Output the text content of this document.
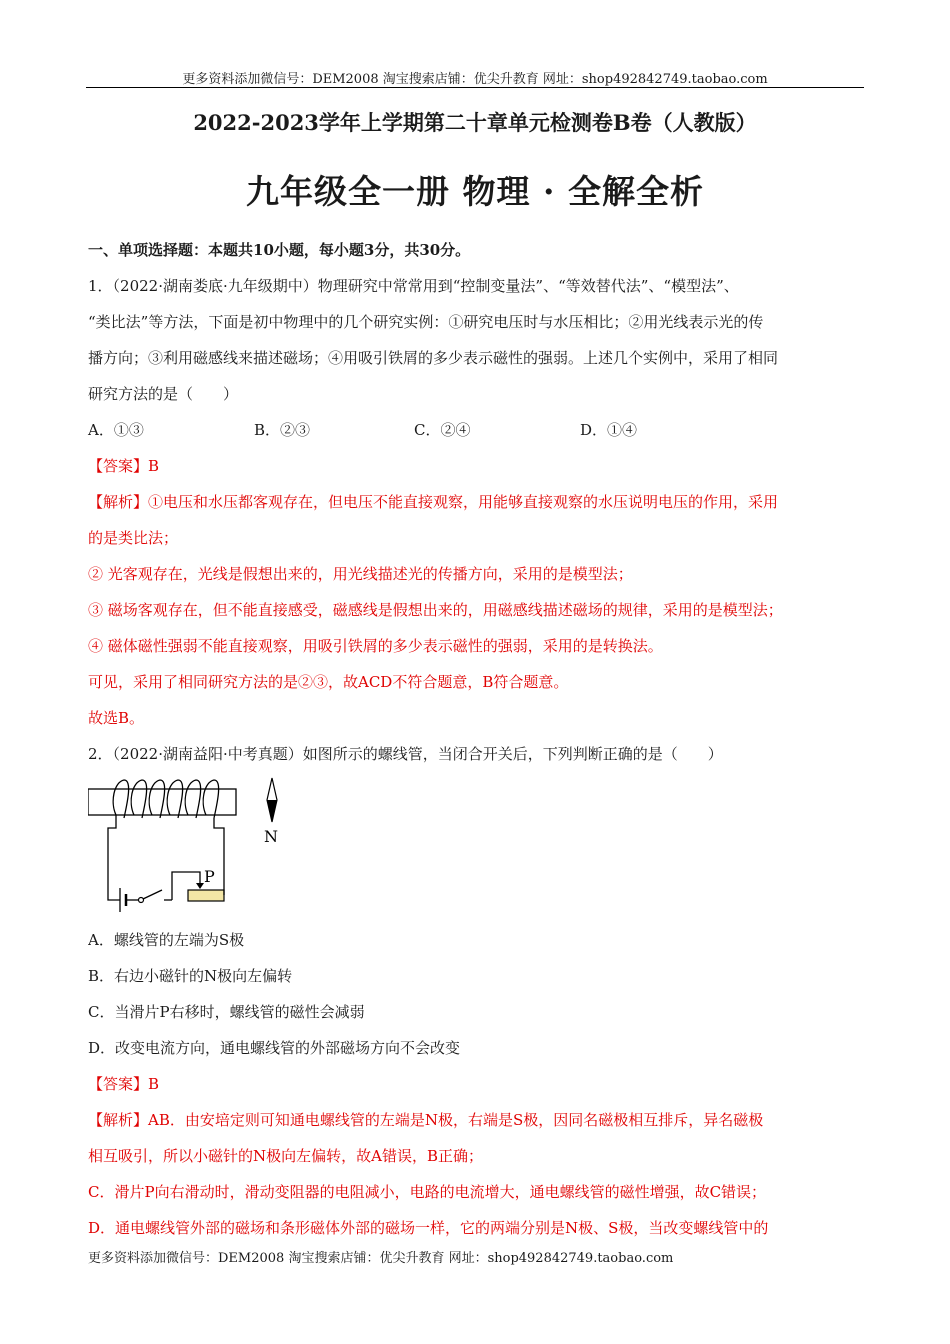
更多资料添加微信号：DEM2008 淘宝搜索店铺：优尖升教育 网址：shop492842749.taobao.com
2022-2023学年上学期第二十章单元检测卷B卷（人教版）
九年级全一册 物理 · 全解全析
一、单项选择题：本题共10小题，每小题3分，共30分。
1．（2022·湖南娄底·九年级期中）物理研究中常常用到“控制变量法”、“等效替代法”、“模型法”、
“类比法”等方法，下面是初中物理中的几个研究实例：①研究电压时与水压相比；②用光线表示光的传
播方向；③利用磁感线来描述磁场；④用吸引铁屑的多少表示磁性的强弱。上述几个实例中，采用了相同
研究方法的是（　　）
A．①③	B．②③	C．②④	D．①④
【答案】B
【解析】①电压和水压都客观存在，但电压不能直接观察，用能够直接观察的水压说明电压的作用，采用
的是类比法；
② 光客观存在，光线是假想出来的，用光线描述光的传播方向，采用的是模型法；
③ 磁场客观存在，但不能直接感受，磁感线是假想出来的，用磁感线描述磁场的规律，采用的是模型法；
④ 磁体磁性强弱不能直接观察，用吸引铁屑的多少表示磁性的强弱，采用的是转换法。
可见，采用了相同研究方法的是②③，故ACD不符合题意，B符合题意。
故选B。
2．（2022·湖南益阳·中考真题）如图所示的螺线管，当闭合开关后，下列判断正确的是（　　）
P
N
A．螺线管的左端为S极
B．右边小磁针的N极向左偏转
C．当滑片P右移时，螺线管的磁性会减弱
D．改变电流方向，通电螺线管的外部磁场方向不会改变
【答案】B
【解析】AB．由安培定则可知通电螺线管的左端是N极，右端是S极，因同名磁极相互排斥，异名磁极
相互吸引，所以小磁针的N极向左偏转，故A错误，B正确；
C．滑片P向右滑动时，滑动变阻器的电阻减小，电路的电流增大，通电螺线管的磁性增强，故C错误；
D．通电螺线管外部的磁场和条形磁体外部的磁场一样，它的两端分别是N极、S极，当改变螺线管中的
更多资料添加微信号：DEM2008 淘宝搜索店铺：优尖升教育 网址：shop492842749.taobao.com
